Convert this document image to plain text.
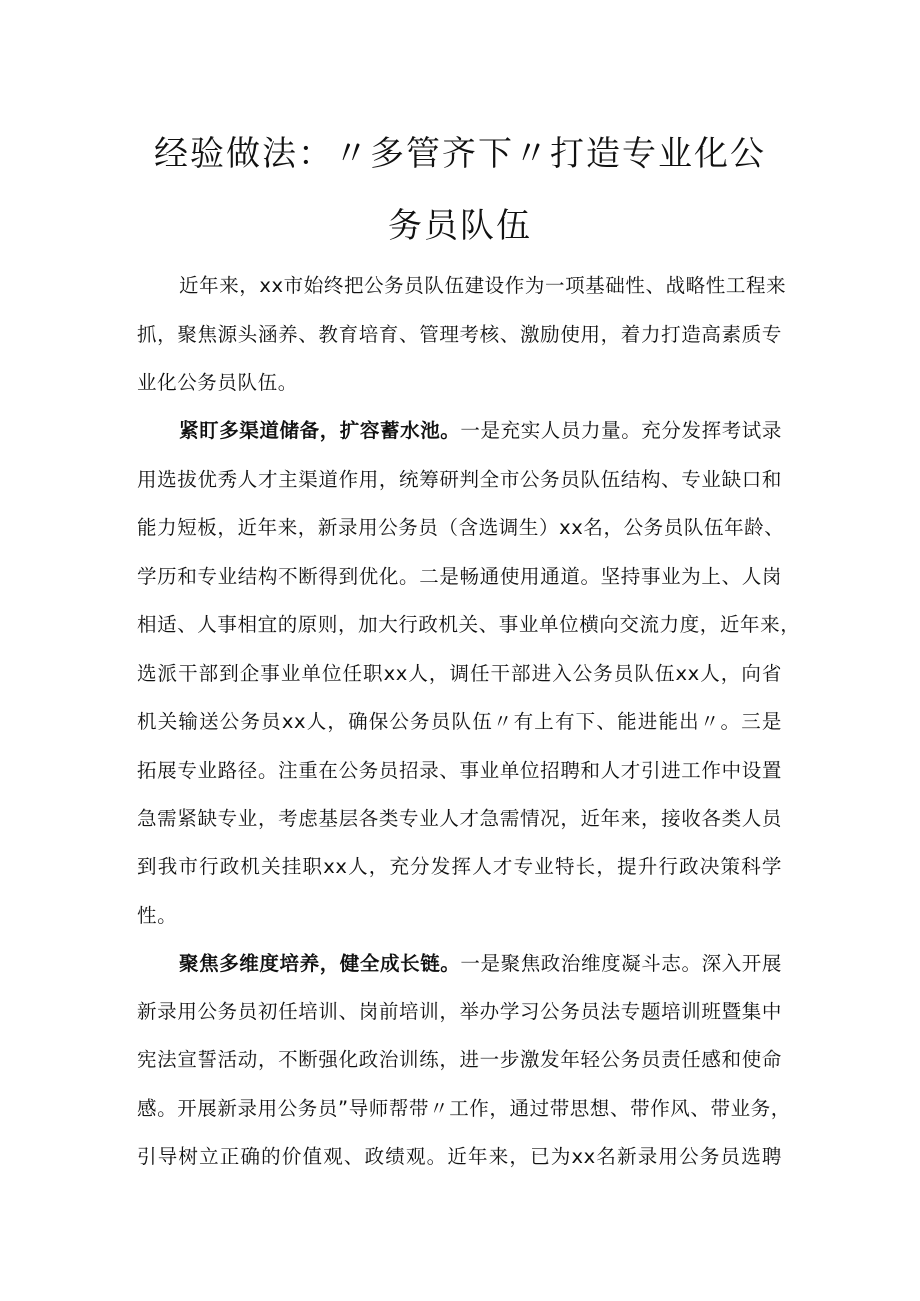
经验做法：〃多管齐下〃打造专业化公
务员队伍
近年来，xx市始终把公务员队伍建设作为一项基础性、战略性工程来
抓，聚焦源头涵养、教育培育、管理考核、激励使用，着力打造高素质专
业化公务员队伍。
紧盯多渠道储备，扩容蓄水池。一是充实人员力量。充分发挥考试录
用选拔优秀人才主渠道作用，统筹研判全市公务员队伍结构、专业缺口和
能力短板，近年来，新录用公务员（含选调生）xx名，公务员队伍年龄、
学历和专业结构不断得到优化。二是畅通使用通道。坚持事业为上、人岗
相适、人事相宜的原则，加大行政机关、事业单位横向交流力度，近年来，
选派干部到企事业单位任职xx人，调任干部进入公务员队伍xx人，向省
机关输送公务员xx人，确保公务员队伍〃有上有下、能进能出〃。三是
拓展专业路径。注重在公务员招录、事业单位招聘和人才引进工作中设置
急需紧缺专业，考虑基层各类专业人才急需情况，近年来，接收各类人员
到我市行政机关挂职xx人，充分发挥人才专业特长，提升行政决策科学
性。
聚焦多维度培养，健全成长链。一是聚焦政治维度凝斗志。深入开展
新录用公务员初任培训、岗前培训，举办学习公务员法专题培训班暨集中
宪法宣誓活动，不断强化政治训练，进一步激发年轻公务员责任感和使命
感。开展新录用公务员”导师帮带〃工作，通过带思想、带作风、带业务，
引导树立正确的价值观、政绩观。近年来，已为xx名新录用公务员选聘
